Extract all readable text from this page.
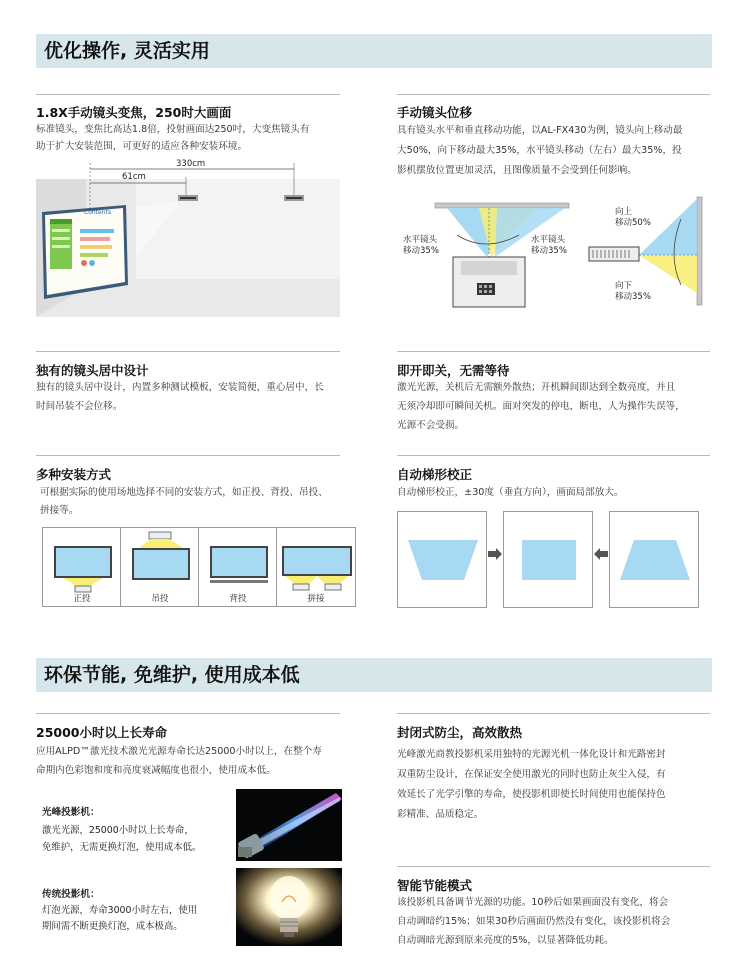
优化操作, 灵活实用
1.8X手动镜头变焦，250时大画面
标准镜头，变焦比高达1.8倍，投射画面达250吋，大变焦镜头有
助于扩大安装范围，可更好的适应各种安装环境。
330cm
61cm
Contents
手动镜头位移
具有镜头水平和垂直移动功能，以AL-FX430为例，镜头向上移动最
大50%，向下移动最大35%，水平镜头移动（左右）最大35%，投
影机摆放位置更加灵活，且图像质量不会受到任何影响。
水平镜头
移动35%
水平镜头
移动35%
向上
移动50%
向下
移动35%
独有的镜头居中设计
独有的镜头居中设计，内置多种测试模板，安装简便，重心居中，长
时间吊装不会位移。
即开即关，无需等待
激光光源，关机后无需额外散热；开机瞬间即达到全数亮度，并且
无须冷却即可瞬间关机。面对突发的停电，断电，人为操作失误等，
光源不会受损。
多种安装方式
可根据实际的使用场地选择不同的安装方式，如正投、背投、吊投、
拼接等。
正投	吊投	背投	拼接
自动梯形校正
自动梯形校正，±30度（垂直方向），画面局部放大。
环保节能, 免维护, 使用成本低
25000小时以上长寿命
应用ALPD™激光技术激光光源寿命长达25000小时以上，在整个寿
命期内色彩饱和度和亮度衰减幅度也很小，使用成本低。
光峰投影机：
激光光源，25000小时以上长寿命，
免维护，无需更换灯泡，使用成本低。
传统投影机：
灯泡光源，寿命3000小时左右，使用
期间需不断更换灯泡，成本极高。
封闭式防尘，高效散热
光峰激光商教投影机采用独特的光源光机一体化设计和光路密封
双重防尘设计，在保证安全使用激光的同时也防止灰尘入侵，有
效延长了光学引擎的寿命，使投影机即使长时间使用也能保持色
彩精准、品质稳定。
智能节能模式
该投影机具备调节光源的功能。10秒后如果画面没有变化，将会
自动调暗约15%；如果30秒后画面仍然没有变化，该投影机将会
自动调暗光源到原来亮度的5%，以显著降低功耗。
